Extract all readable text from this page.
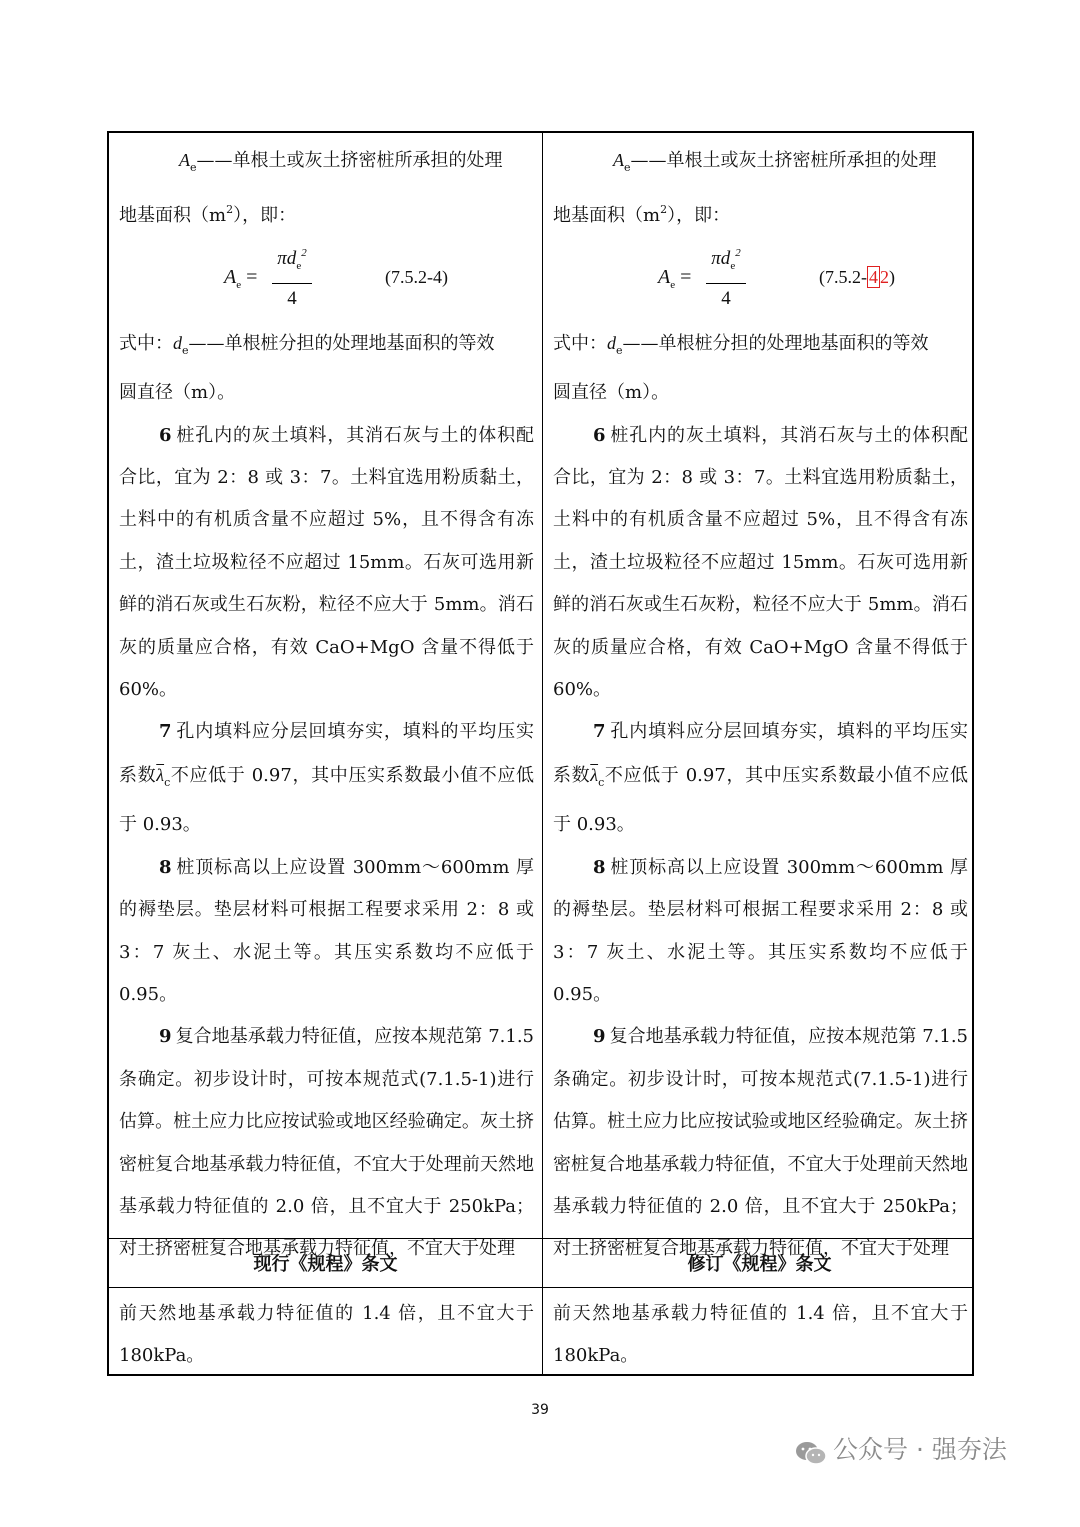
$A_e——$单根土或灰土挤密桩所承担的处理

地基面积$(m^2)$，即：

$A_e$ =
$\pi d_e^2$
4
(7.5.2-4)

式中：$d_e——$单根桩分担的处理地基面积的等效

圆直径（m）。

6 桩孔内的灰土填料，其消石灰与土的体积配合比，宜为 2：8 或 3：7。土料宜选用粉质黏土，土料中的有机质含量不应超过 5%，且不得含有冻土，渣土垃圾粒径不应超过 15mm。石灰可选用新鲜的消石灰或生石灰粉，粒径不应大于 5mm。消石灰的质量应合格，有效 CaO+MgO 含量不得低于 60%。

7 孔内填料应分层回填夯实，填料的平均压实系数$\overline{\lambda}_c$不应低于 0.97，其中压实系数最小值不应低于 0.93。

8 桩顶标高以上应设置 300mm～600mm 厚的褥垫层。垫层材料可根据工程要求采用 2：8 或 3：7 灰土、水泥土等。其压实系数均不应低于 0.95。

9 复合地基承载力特征值，应按本规范第 7.1.5 条确定。初步设计时，可按本规范式(7.1.5-1)进行估算。桩土应力比应按试验或地区经验确定。灰土挤密桩复合地基承载力特征值，不宜大于处理前天然地基承载力特征值的 2.0 倍，且不宜大于 250kPa；对土挤密桩复合地基承载力特征值，不宜大于处理

$A_e——$单根土或灰土挤密桩所承担的处理

地基面积$(m^2)$，即：

$A_e$ =
$\pi d_e^2$
4
(7.5.2- 4 2)

式中：$d_e——$单根桩分担的处理地基面积的等效

圆直径（m）。

6 桩孔内的灰土填料，其消石灰与土的体积配合比，宜为 2：8 或 3：7。土料宜选用粉质黏土，土料中的有机质含量不应超过 5%，且不得含有冻土，渣土垃圾粒径不应超过 15mm。石灰可选用新鲜的消石灰或生石灰粉，粒径不应大于 5mm。消石灰的质量应合格，有效 CaO+MgO 含量不得低于 60%。

7 孔内填料应分层回填夯实，填料的平均压实系数$\overline{\lambda}_c$不应低于 0.97，其中压实系数最小值不应低于 0.93。

8 桩顶标高以上应设置 300mm～600mm 厚的褥垫层。垫层材料可根据工程要求采用 2：8 或 3：7 灰土、水泥土等。其压实系数均不应低于 0.95。

9 复合地基承载力特征值，应按本规范第 7.1.5 条确定。初步设计时，可按本规范式(7.1.5-1)进行估算。桩土应力比应按试验或地区经验确定。灰土挤密桩复合地基承载力特征值，不宜大于处理前天然地基承载力特征值的 2.0 倍，且不宜大于 250kPa；对土挤密桩复合地基承载力特征值，不宜大于处理

现行《规程》条文	修订《规程》条文
前天然地基承载力特征值的 1.4 倍，且不宜大于 180kPa。
前天然地基承载力特征值的 1.4 倍，且不宜大于 180kPa。
39
公众号 · 强夯法
